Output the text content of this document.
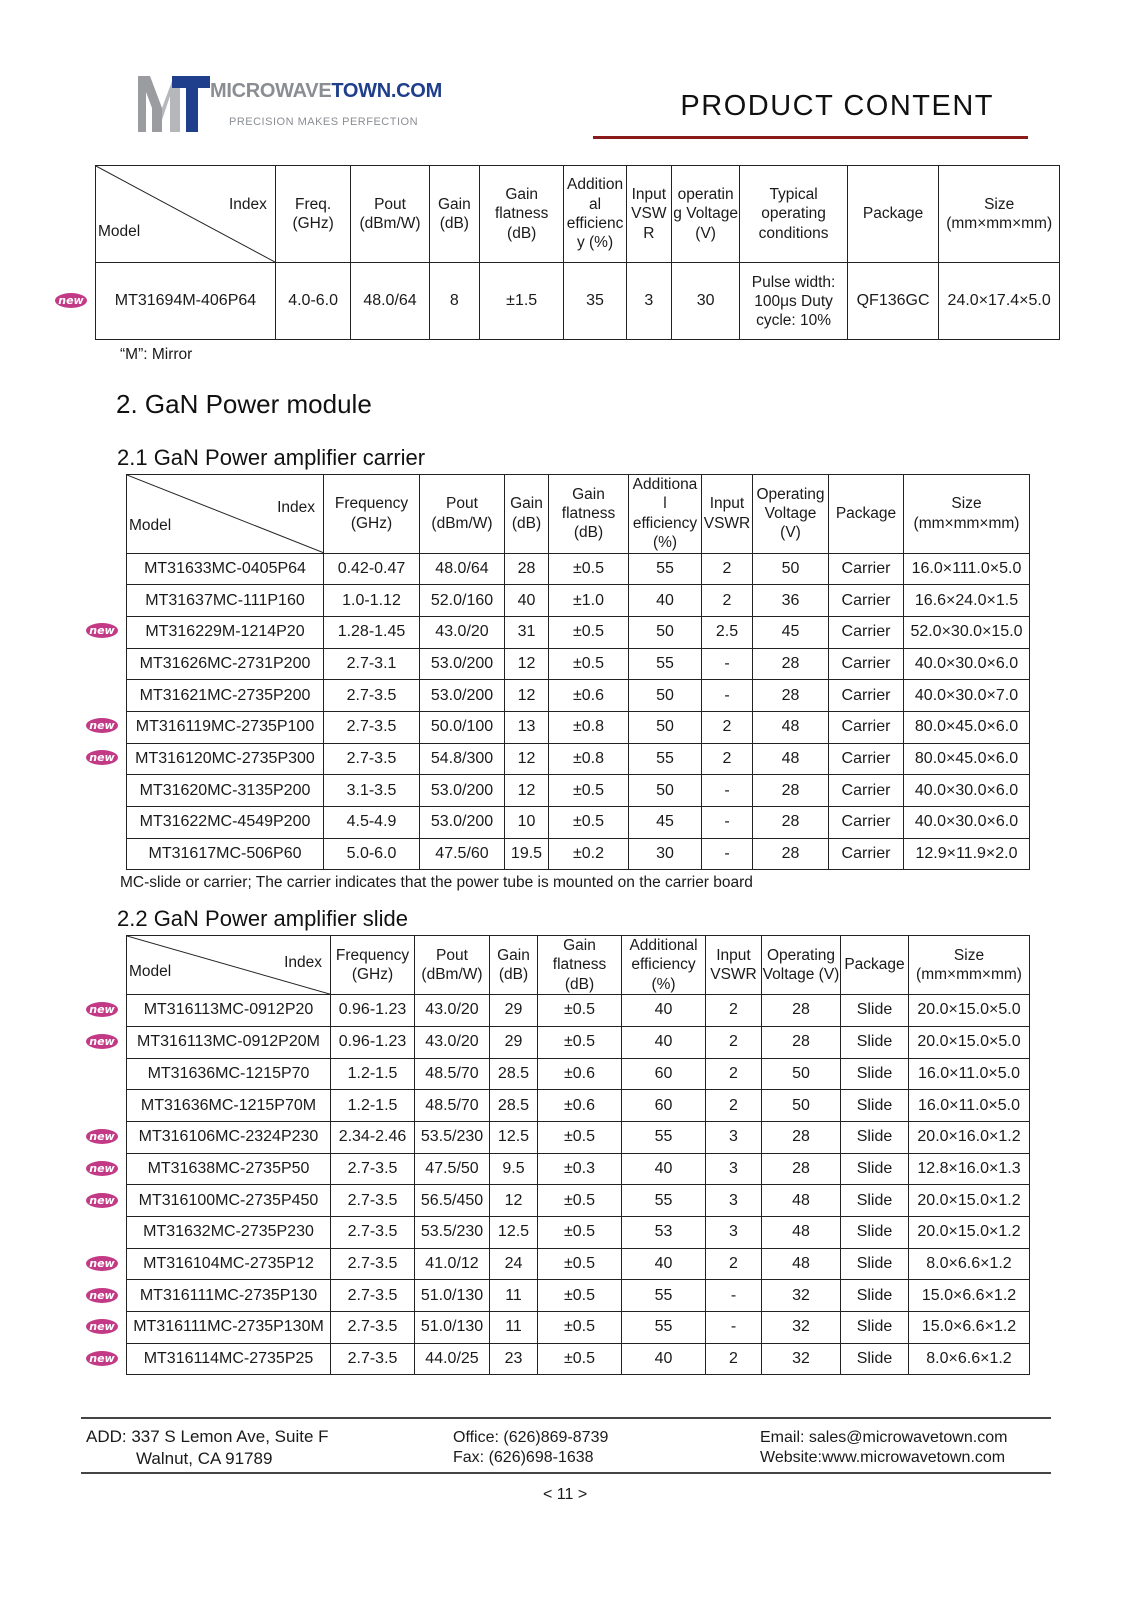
MICROWAVETOWN.COM
PRECISION MAKES PERFECTION	PRODUCT CONTENT
Index
Model	Freq. (GHz)	Pout (dBm/W)	Gain (dB)	Gain flatness (dB)	Addition al efficienc y (%)	Input VSW R	operatin g Voltage (V)	Typical operating conditions	Package	Size (mm×mm×mm)
MT31694M-406P64	4.0-6.0	48.0/64	8	±1.5	35	3	30	Pulse width: 100μs Duty cycle: 10%	QF136GC	24.0×17.4×5.0
“M”: Mirror
2. GaN Power module
2.1 GaN Power amplifier carrier
Index
Model	Frequency (GHz)	Pout (dBm/W)	Gain (dB)	Gain flatness (dB)	Additiona l efficiency (%)	Input VSWR	Operating Voltage (V)	Package	Size (mm×mm×mm)
MT31633MC-0405P64	0.42-0.47	48.0/64	28	±0.5	55	2	50	Carrier	16.0×111.0×5.0
MT31637MC-111P160	1.0-1.12	52.0/160	40	±1.0	40	2	36	Carrier	16.6×24.0×1.5
MT316229M-1214P20	1.28-1.45	43.0/20	31	±0.5	50	2.5	45	Carrier	52.0×30.0×15.0
MT31626MC-2731P200	2.7-3.1	53.0/200	12	±0.5	55	-	28	Carrier	40.0×30.0×6.0
MT31621MC-2735P200	2.7-3.5	53.0/200	12	±0.6	50	-	28	Carrier	40.0×30.0×7.0
MT316119MC-2735P100	2.7-3.5	50.0/100	13	±0.8	50	2	48	Carrier	80.0×45.0×6.0
MT316120MC-2735P300	2.7-3.5	54.8/300	12	±0.8	55	2	48	Carrier	80.0×45.0×6.0
MT31620MC-3135P200	3.1-3.5	53.0/200	12	±0.5	50	-	28	Carrier	40.0×30.0×6.0
MT31622MC-4549P200	4.5-4.9	53.0/200	10	±0.5	45	-	28	Carrier	40.0×30.0×6.0
MT31617MC-506P60	5.0-6.0	47.5/60	19.5	±0.2	30	-	28	Carrier	12.9×11.9×2.0
MC-slide or carrier; The carrier indicates that the power tube is mounted on the carrier board
2.2 GaN Power amplifier slide
Index
Model	Frequency (GHz)	Pout (dBm/W)	Gain (dB)	Gain flatness (dB)	Additional efficiency (%)	Input VSWR	Operating Voltage (V)	Package	Size (mm×mm×mm)
MT316113MC-0912P20	0.96-1.23	43.0/20	29	±0.5	40	2	28	Slide	20.0×15.0×5.0
MT316113MC-0912P20M	0.96-1.23	43.0/20	29	±0.5	40	2	28	Slide	20.0×15.0×5.0
MT31636MC-1215P70	1.2-1.5	48.5/70	28.5	±0.6	60	2	50	Slide	16.0×11.0×5.0
MT31636MC-1215P70M	1.2-1.5	48.5/70	28.5	±0.6	60	2	50	Slide	16.0×11.0×5.0
MT316106MC-2324P230	2.34-2.46	53.5/230	12.5	±0.5	55	3	28	Slide	20.0×16.0×1.2
MT31638MC-2735P50	2.7-3.5	47.5/50	9.5	±0.3	40	3	28	Slide	12.8×16.0×1.3
MT316100MC-2735P450	2.7-3.5	56.5/450	12	±0.5	55	3	48	Slide	20.0×15.0×1.2
MT31632MC-2735P230	2.7-3.5	53.5/230	12.5	±0.5	53	3	48	Slide	20.0×15.0×1.2
MT316104MC-2735P12	2.7-3.5	41.0/12	24	±0.5	40	2	48	Slide	8.0×6.6×1.2
MT316111MC-2735P130	2.7-3.5	51.0/130	11	±0.5	55	-	32	Slide	15.0×6.6×1.2
MT316111MC-2735P130M	2.7-3.5	51.0/130	11	±0.5	55	-	32	Slide	15.0×6.6×1.2
MT316114MC-2735P25	2.7-3.5	44.0/25	23	±0.5	40	2	32	Slide	8.0×6.6×1.2
ADD: 337 S Lemon Ave, Suite F
Walnut, CA 91789
Office: (626)869-8739
Fax: (626)698-1638
Email: sales@microwavetown.com
Website:www.microwavetown.com
< 11 >
new
new
new
new
new
new
new
new
new
new
new
new
new
